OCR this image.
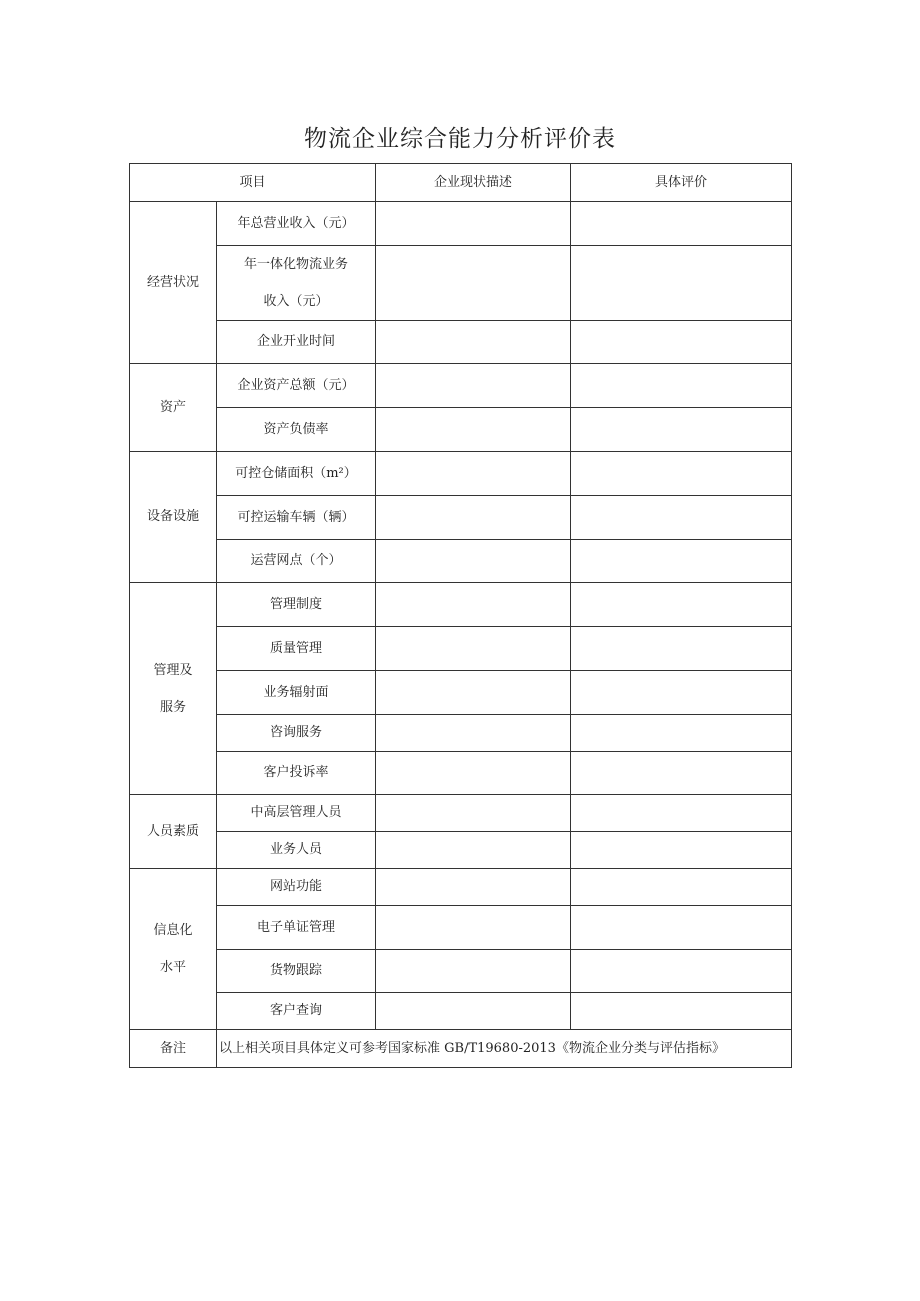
物流企业综合能力分析评价表
项目		企业现状描述	具体评价
经营状况	年总营业收入（元）		

	年一体化物流业务
收入（元）		

	企业开业时间		
资产	企业资产总额（元）		
	资产负债率		
设备设施	可控仓储面积（m²）		
	可控运输车辆（辆）		
	运营网点（个）		

管理及
服务	管理制度		
	质量管理		
	业务辐射面		
	咨询服务		
	客户投诉率		
人员素质	中高层管理人员		
	业务人员		

信息化
水平	网站功能		
	电子单证管理		
	货物跟踪		
	客户查询		
备注	以上相关项目具体定义可参考国家标准 GB/T19680-2013《物流企业分类与评估指标》		
